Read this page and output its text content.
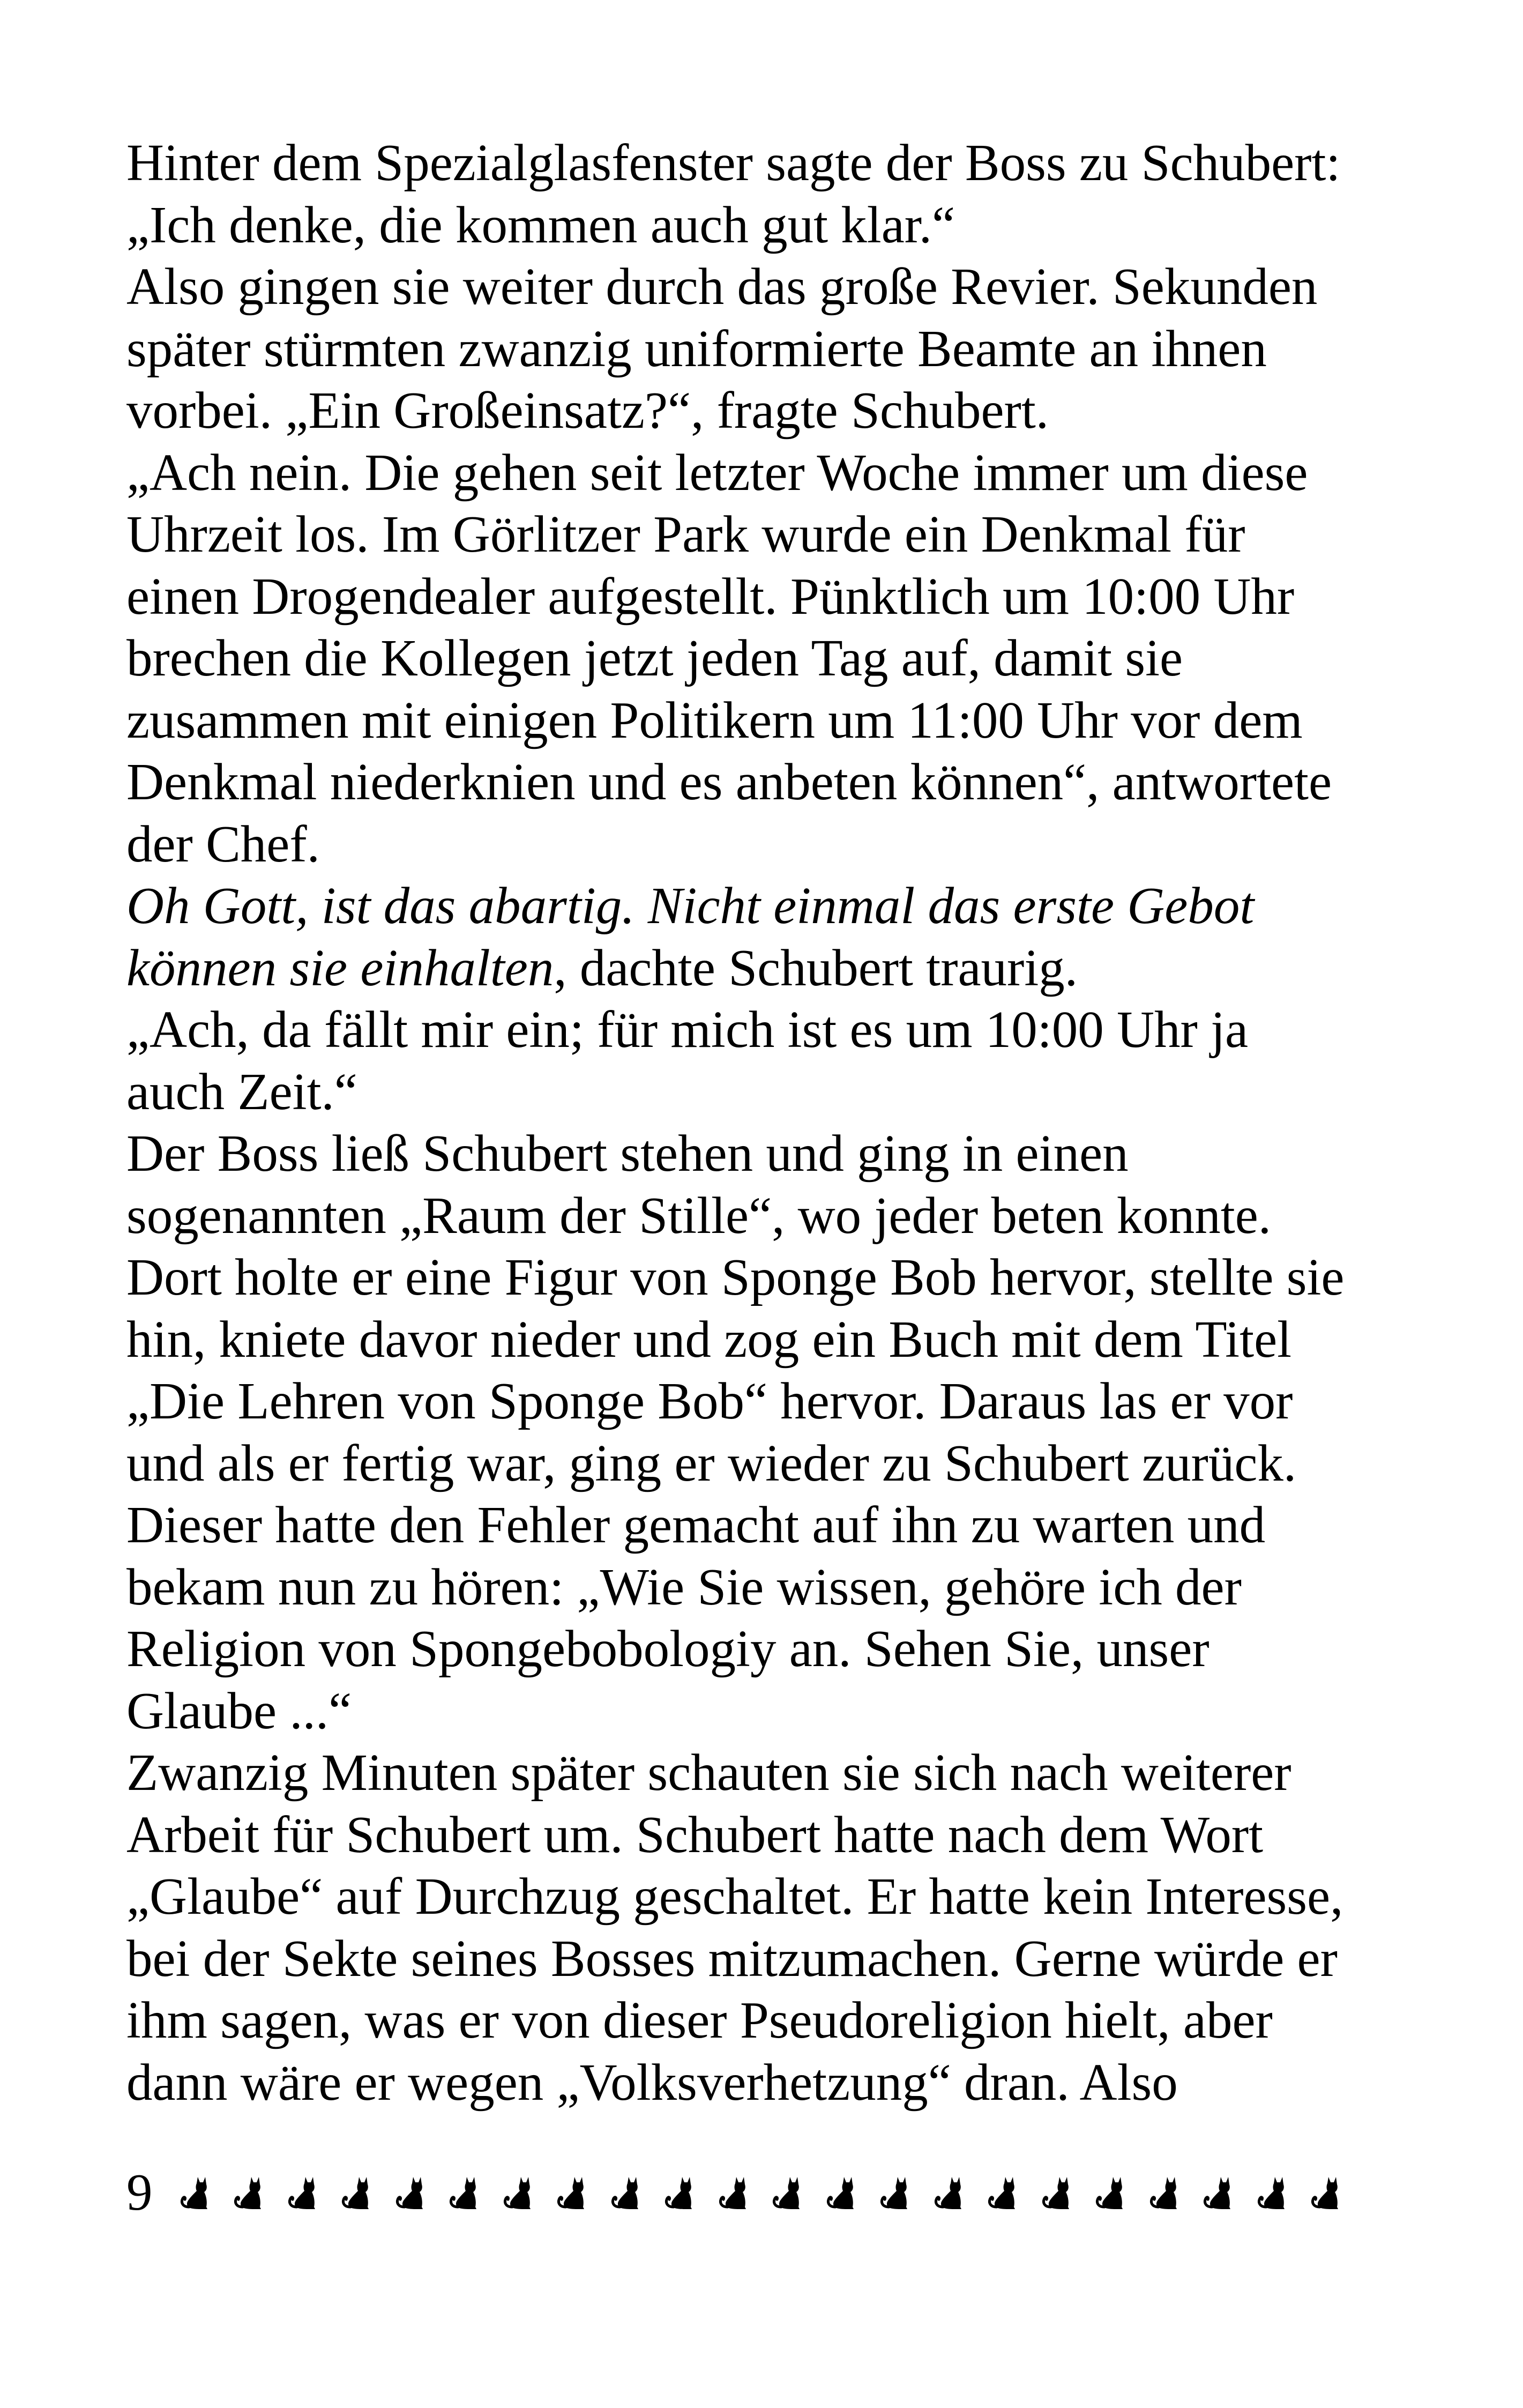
Hinter dem Spezialglasfenster sagte der Boss zu Schubert:
„Ich denke, die kommen auch gut klar.“
Also gingen sie weiter durch das große Revier. Sekunden
später stürmten zwanzig uniformierte Beamte an ihnen
vorbei. „Ein Großeinsatz?“, fragte Schubert.
„Ach nein. Die gehen seit letzter Woche immer um diese
Uhrzeit los. Im Görlitzer Park wurde ein Denkmal für
einen Drogendealer aufgestellt. Pünktlich um 10:00 Uhr
brechen die Kollegen jetzt jeden Tag auf, damit sie
zusammen mit einigen Politikern um 11:00 Uhr vor dem
Denkmal niederknien und es anbeten können“, antwortete
der Chef.
Oh Gott, ist das abartig. Nicht einmal das erste Gebot
können sie einhalten, dachte Schubert traurig.
„Ach, da fällt mir ein; für mich ist es um 10:00 Uhr ja
auch Zeit.“
Der Boss ließ Schubert stehen und ging in einen
sogenannten „Raum der Stille“, wo jeder beten konnte.
Dort holte er eine Figur von Sponge Bob hervor, stellte sie
hin, kniete davor nieder und zog ein Buch mit dem Titel
„Die Lehren von Sponge Bob“ hervor. Daraus las er vor
und als er fertig war, ging er wieder zu Schubert zurück.
Dieser hatte den Fehler gemacht auf ihn zu warten und
bekam nun zu hören: „Wie Sie wissen, gehöre ich der
Religion von Spongebobologiy an. Sehen Sie, unser
Glaube ...“
Zwanzig Minuten später schauten sie sich nach weiterer
Arbeit für Schubert um. Schubert hatte nach dem Wort
„Glaube“ auf Durchzug geschaltet. Er hatte kein Interesse,
bei der Sekte seines Bosses mitzumachen. Gerne würde er
ihm sagen, was er von dieser Pseudoreligion hielt, aber
dann wäre er wegen „Volksverhetzung“ dran. Also
9
